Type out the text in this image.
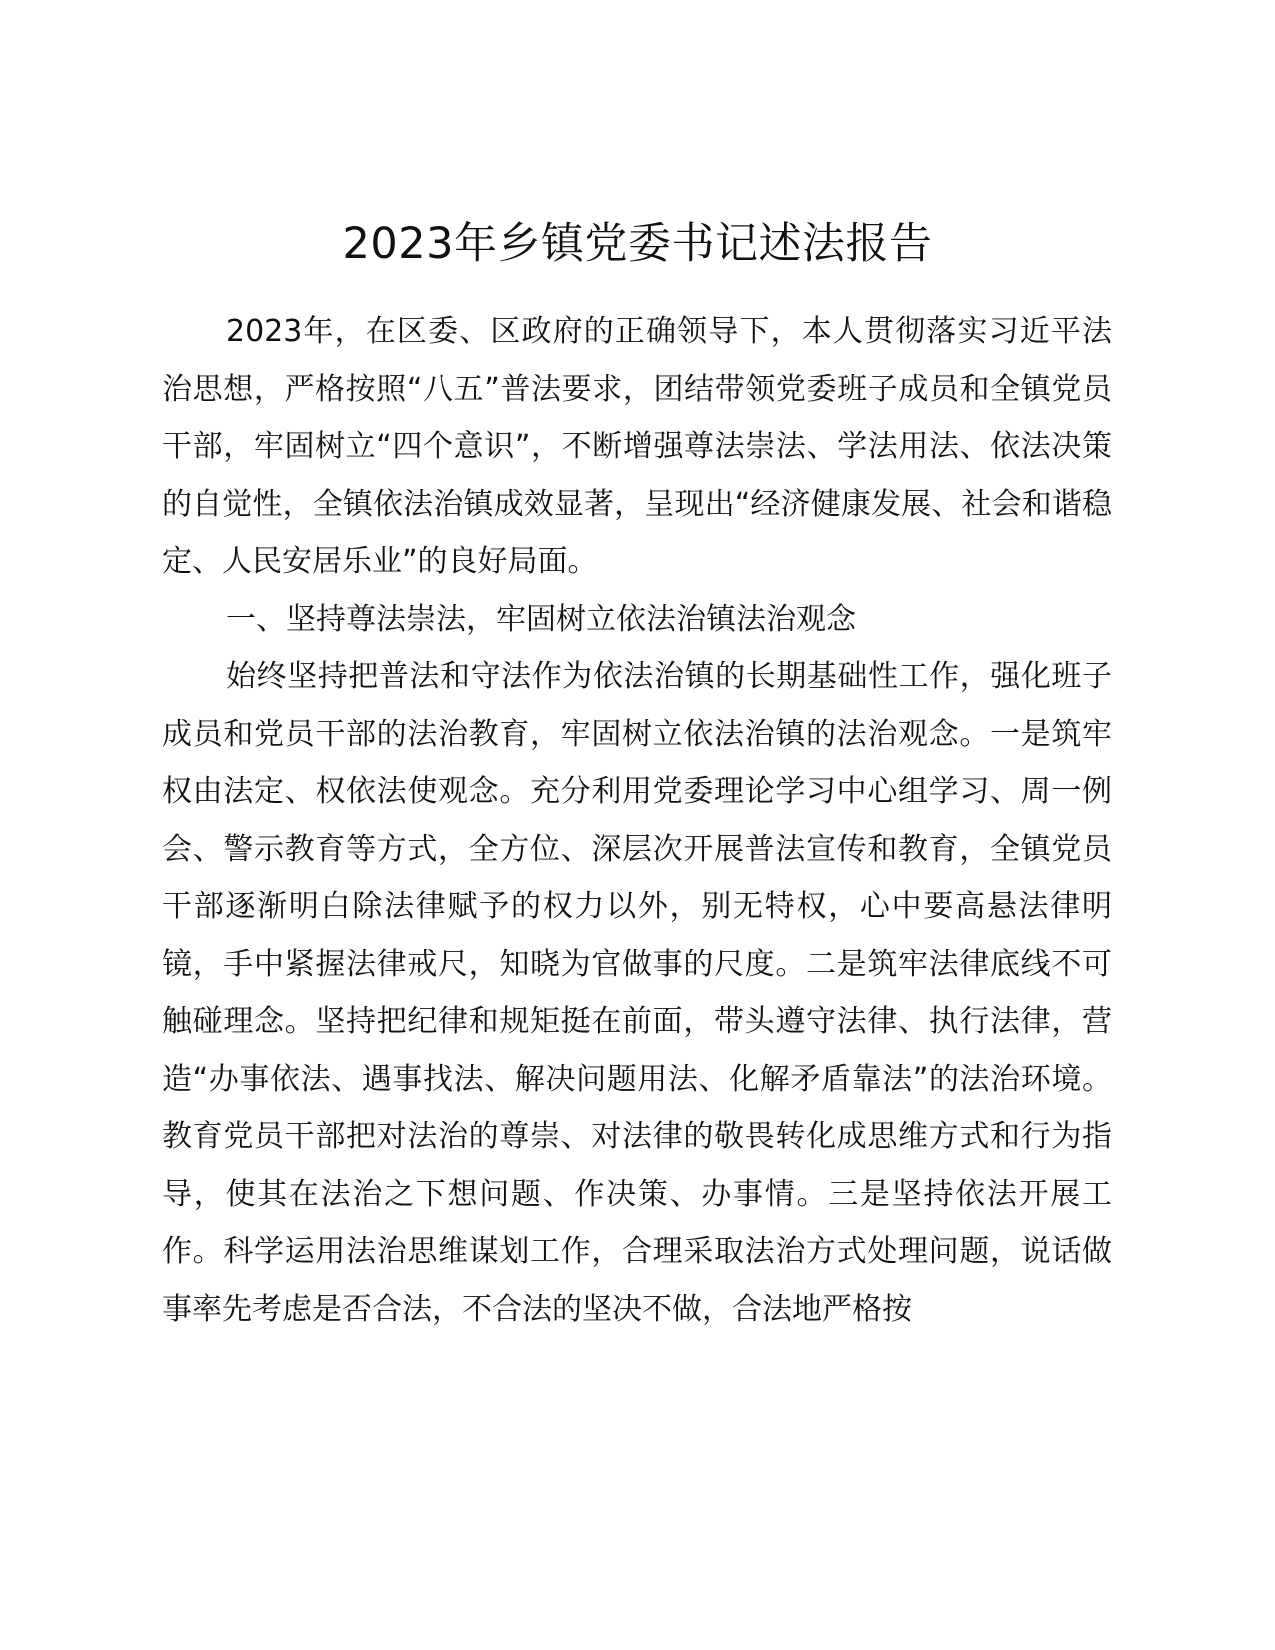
2023年乡镇党委书记述法报告

2023年，在区委、区政府的正确领导下，本人贯彻落实习近平法治思想，严格按照“八五”普法要求，团结带领党委班子成员和全镇党员干部，牢固树立“四个意识”，不断增强尊法崇法、学法用法、依法决策的自觉性，全镇依法治镇成效显著，呈现出“经济健康发展、社会和谐稳定、人民安居乐业”的良好局面。

一、坚持尊法崇法，牢固树立依法治镇法治观念

始终坚持把普法和守法作为依法治镇的长期基础性工作，强化班子成员和党员干部的法治教育，牢固树立依法治镇的法治观念。一是筑牢权由法定、权依法使观念。充分利用党委理论学习中心组学习、周一例会、警示教育等方式，全方位、深层次开展普法宣传和教育，全镇党员干部逐渐明白除法律赋予的权力以外，别无特权，心中要高悬法律明镜，手中紧握法律戒尺，知晓为官做事的尺度。二是筑牢法律底线不可触碰理念。坚持把纪律和规矩挺在前面，带头遵守法律、执行法律，营造“办事依法、遇事找法、解决问题用法、化解矛盾靠法”的法治环境。教育党员干部把对法治的尊崇、对法律的敬畏转化成思维方式和行为指导，使其在法治之下想问题、作决策、办事情。三是坚持依法开展工作。科学运用法治思维谋划工作，合理采取法治方式处理问题，说话做事率先考虑是否合法，不合法的坚决不做，合法地严格按
